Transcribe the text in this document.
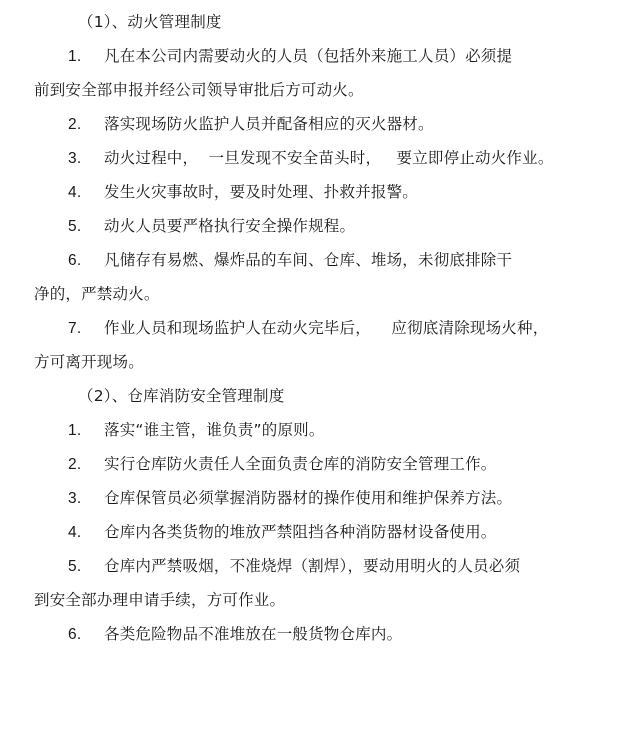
（1）、动火管理制度
1. 凡在本公司内需要动火的人员（包括外来施工人员）必须提
前到安全部申报并经公司领导审批后方可动火。
2. 落实现场防火监护人员并配备相应的灭火器材。
3. 动火过程中，  一旦发现不安全苗头时，   要立即停止动火作业。
4. 发生火灾事故时，要及时处理、扑救并报警。
5. 动火人员要严格执行安全操作规程。
6. 凡储存有易燃、爆炸品的车间、仓库、堆场，未彻底排除干
净的，严禁动火。
7. 作业人员和现场监护人在动火完毕后，    应彻底清除现场火种，
方可离开现场。
（2）、仓库消防安全管理制度
1. 落实“谁主管，谁负责”的原则。
2. 实行仓库防火责任人全面负责仓库的消防安全管理工作。
3. 仓库保管员必须掌握消防器材的操作使用和维护保养方法。
4. 仓库内各类货物的堆放严禁阻挡各种消防器材设备使用。
5. 仓库内严禁吸烟，不准烧焊（割焊），要动用明火的人员必须
到安全部办理申请手续，方可作业。
6. 各类危险物品不准堆放在一般货物仓库内。
